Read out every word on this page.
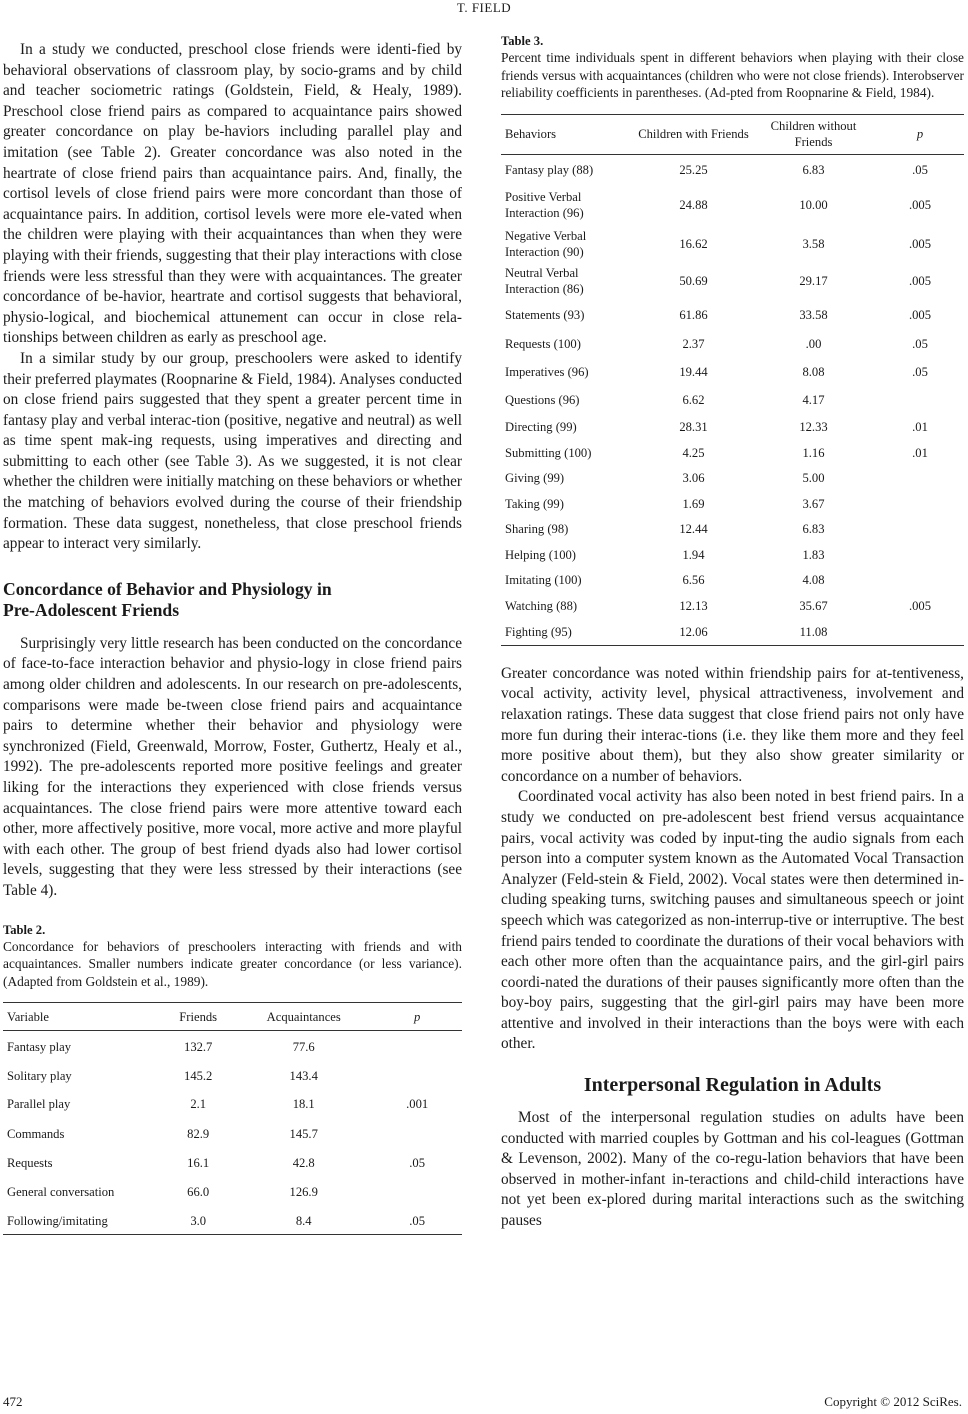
T. FIELD

In a study we conducted, preschool close friends were identi-fied by behavioral observations of classroom play, by socio-grams and by child and teacher sociometric ratings (Goldstein, Field, & Healy, 1989). Preschool close friend pairs as compared to acquaintance pairs showed greater concordance on play be-haviors including parallel play and imitation (see Table 2). Greater concordance was also noted in the heartrate of close friend pairs than acquaintance pairs. And, finally, the cortisol levels of close friend pairs were more concordant than those of acquaintance pairs. In addition, cortisol levels were more ele-vated when the children were playing with their acquaintances than when they were playing with their friends, suggesting that their play interactions with close friends were less stressful than they were with acquaintances. The greater concordance of be-havior, heartrate and cortisol suggests that behavioral, physio-logical, and biochemical attunement can occur in close rela-tionships between children as early as preschool age.

In a similar study by our group, preschoolers were asked to identify their preferred playmates (Roopnarine & Field, 1984). Analyses conducted on close friend pairs suggested that they spent a greater percent time in fantasy play and verbal interac-tion (positive, negative and neutral) as well as time spent mak-ing requests, using imperatives and directing and submitting to each other (see Table 3). As we suggested, it is not clear whether the children were initially matching on these behaviors or whether the matching of behaviors evolved during the course of their friendship formation. These data suggest, nonetheless, that close preschool friends appear to interact very similarly.

Concordance of Behavior and Physiology in
Pre-Adolescent Friends

Surprisingly very little research has been conducted on the concordance of face-to-face interaction behavior and physio-logy in close friend pairs among older children and adolescents. In our research on pre-adolescents, comparisons were made be-tween close friend pairs and acquaintance pairs to determine whether their behavior and physiology were synchronized (Field, Greenwald, Morrow, Foster, Guthertz, Healy et al., 1992). The pre-adolescents reported more positive feelings and greater liking for the interactions they experienced with close friends versus acquaintances. The close friend pairs were more attentive toward each other, more affectively positive, more vocal, more active and more playful with each other. The group of best friend dyads also had lower cortisol levels, suggesting that they were less stressed by their interactions (see Table 4).

Table 2.

Concordance for behaviors of preschoolers interacting with friends and with acquaintances. Smaller numbers indicate greater concordance (or less variance). (Adapted from Goldstein et al., 1989).

Variable	Friends	Acquaintances	p
Fantasy play	132.7	77.6	
Solitary play	145.2	143.4	
Parallel play	2.1	18.1	.001
Commands	82.9	145.7	
Requests	16.1	42.8	.05
General conversation	66.0	126.9	
Following/imitating	3.0	8.4	.05

Table 3.

Percent time individuals spent in different behaviors when playing with their close friends versus with acquaintances (children who were not close friends). Interobserver reliability coefficients in parentheses. (Ad-pted from Roopnarine & Field, 1984).

Behaviors	Children with Friends	Children without Friends	p
Fantasy play (88)	25.25	6.83	.05
Positive Verbal Interaction (96)	24.88	10.00	.005
Negative Verbal Interaction (90)	16.62	3.58	.005
Neutral Verbal Interaction (86)	50.69	29.17	.005
Statements (93)	61.86	33.58	.005
Requests (100)	2.37	.00	.05
Imperatives (96)	19.44	8.08	.05
Questions (96)	6.62	4.17	
Directing (99)	28.31	12.33	.01
Submitting (100)	4.25	1.16	.01
Giving (99)	3.06	5.00	
Taking (99)	1.69	3.67	
Sharing (98)	12.44	6.83	
Helping (100)	1.94	1.83	
Imitating (100)	6.56	4.08	
Watching (88)	12.13	35.67	.005
Fighting (95)	12.06	11.08	

Greater concordance was noted within friendship pairs for at-tentiveness, vocal activity, activity level, physical attractiveness, involvement and relaxation ratings. These data suggest that close friend pairs not only have more fun during their interac-tions (i.e. they like them more and they feel more positive about them), but they also show greater similarity or concordance on a number of behaviors.

Coordinated vocal activity has also been noted in best friend pairs. In a study we conducted on pre-adolescent best friend versus acquaintance pairs, vocal activity was coded by input-ting the audio signals from each person into a computer system known as the Automated Vocal Transaction Analyzer (Feld-stein & Field, 2002). Vocal states were then determined in-cluding speaking turns, switching pauses and simultaneous speech or joint speech which was categorized as non-interrup-tive or interruptive. The best friend pairs tended to coordinate the durations of their vocal behaviors with each other more often than the acquaintance pairs, and the girl-girl pairs coordi-nated the durations of their pauses significantly more often than the boy-boy pairs, suggesting that the girl-girl pairs may have been more attentive and involved in their interactions than the boys were with each other.

Interpersonal Regulation in Adults

Most of the interpersonal regulation studies on adults have been conducted with married couples by Gottman and his col-leagues (Gottman & Levenson, 2002). Many of the co-regu-lation behaviors that have been observed in mother-infant in-teractions and child-child interactions have not yet been ex-plored during marital interactions such as the switching pauses

472	Copyright © 2012 SciRes.
